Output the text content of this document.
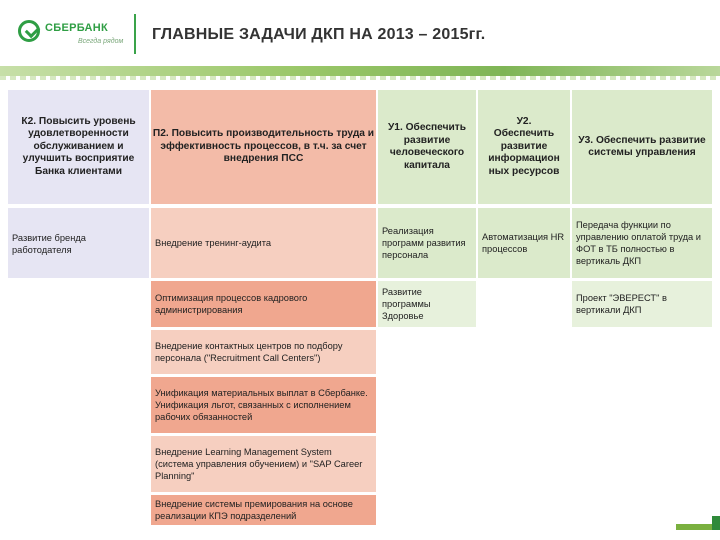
СБЕРБАНК
Всегда рядом ГЛАВНЫЕ ЗАДАЧИ ДКП НА 2013 – 2015гг.
К2. Повысить уровень удовлетворенности обслуживанием и улучшить восприятие Банка клиентами
Развитие бренда работодателя
П2. Повысить производительность труда и эффективность процессов, в т.ч. за счет внедрения ПСС
Внедрение тренинг-аудита
Оптимизация процессов кадрового администрирования
Внедрение контактных центров по подбору персонала ("Recruitment Call Centers")
Унификация материальных выплат в Сбербанке. Унификация льгот, связанных с исполнением рабочих обязанностей
Внедрение Learning Management System (система управления обучением) и "SAP Career Planning"
Внедрение системы премирования на основе реализации КПЭ подразделений
У1. Обеспечить развитие человеческого капитала
Реализация программ развития персонала
Развитие программы Здоровье
У2.
Обеспечить
развитие
информацион
ных ресурсов
Автоматизация HR процессов
У3. Обеспечить развитие системы управления
Передача функции по управлению оплатой труда и ФОТ в ТБ полностью в вертикаль ДКП
Проект "ЭВЕРЕСТ" в вертикали ДКП
